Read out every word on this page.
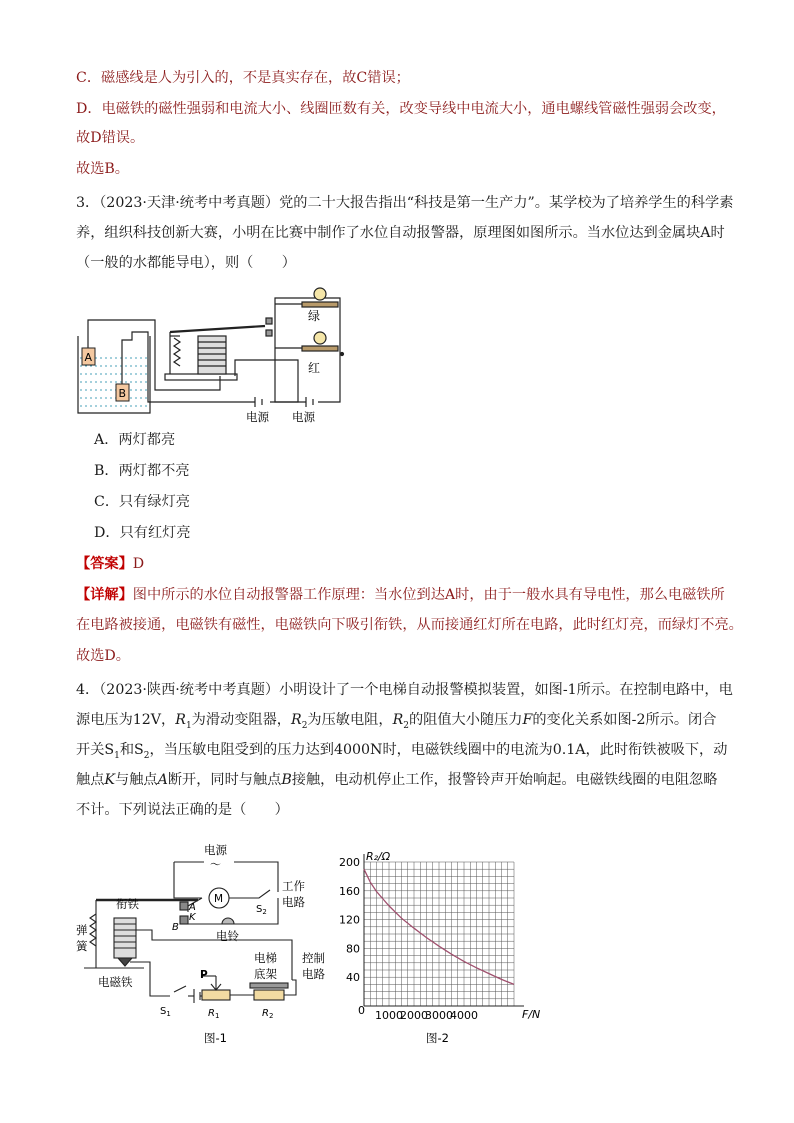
C．磁感线是人为引入的，不是真实存在，故C错误；
D．电磁铁的磁性强弱和电流大小、线圈匝数有关，改变导线中电流大小，通电螺线管磁性强弱会改变，
故D错误。
故选B。
3．（2023·天津·统考中考真题）党的二十大报告指出“科技是第一生产力”。某学校为了培养学生的科学素
养，组织科技创新大赛，小明在比赛中制作了水位自动报警器，原理图如图所示。当水位达到金属块A时
（一般的水都能导电），则（　　）
A
B
绿
红
电源 电源
A．两灯都亮
B．两灯都不亮
C．只有绿灯亮
D．只有红灯亮
【答案】D
【详解】图中所示的水位自动报警器工作原理：当水位到达A时，由于一般水具有导电性，那么电磁铁所
在电路被接通，电磁铁有磁性，电磁铁向下吸引衔铁，从而接通红灯所在电路，此时红灯亮，而绿灯不亮。
故选D。
4．（2023·陕西·统考中考真题）小明设计了一个电梯自动报警模拟装置，如图-1所示。在控制电路中，电
源电压为12V，$R_1$为滑动变阻器，$R_2$为压敏电阻，$R_2$的阻值大小随压力F的变化关系如图-2所示。闭合
开关$S_1$和$S_2$，当压敏电阻受到的压力达到4000N时，电磁铁线圈中的电流为0.1A，此时衔铁被吸下，动
触点K与触点A断开，同时与触点B接触，电动机停止工作，报警铃声开始响起。电磁铁线圈的电阻忽略
不计。下列说法正确的是（　　）
电源
～
M
工作
电路
衔铁
弹
簧
A
K
B
$S_2$
电铃
电梯
底架
控制
电路
电磁铁	P
$S_1$	$R_1$	$R_2$
图-1
40
80
120
160
200
1000
2000
3000
4000
R₂/Ω
F/N
0
图-2
